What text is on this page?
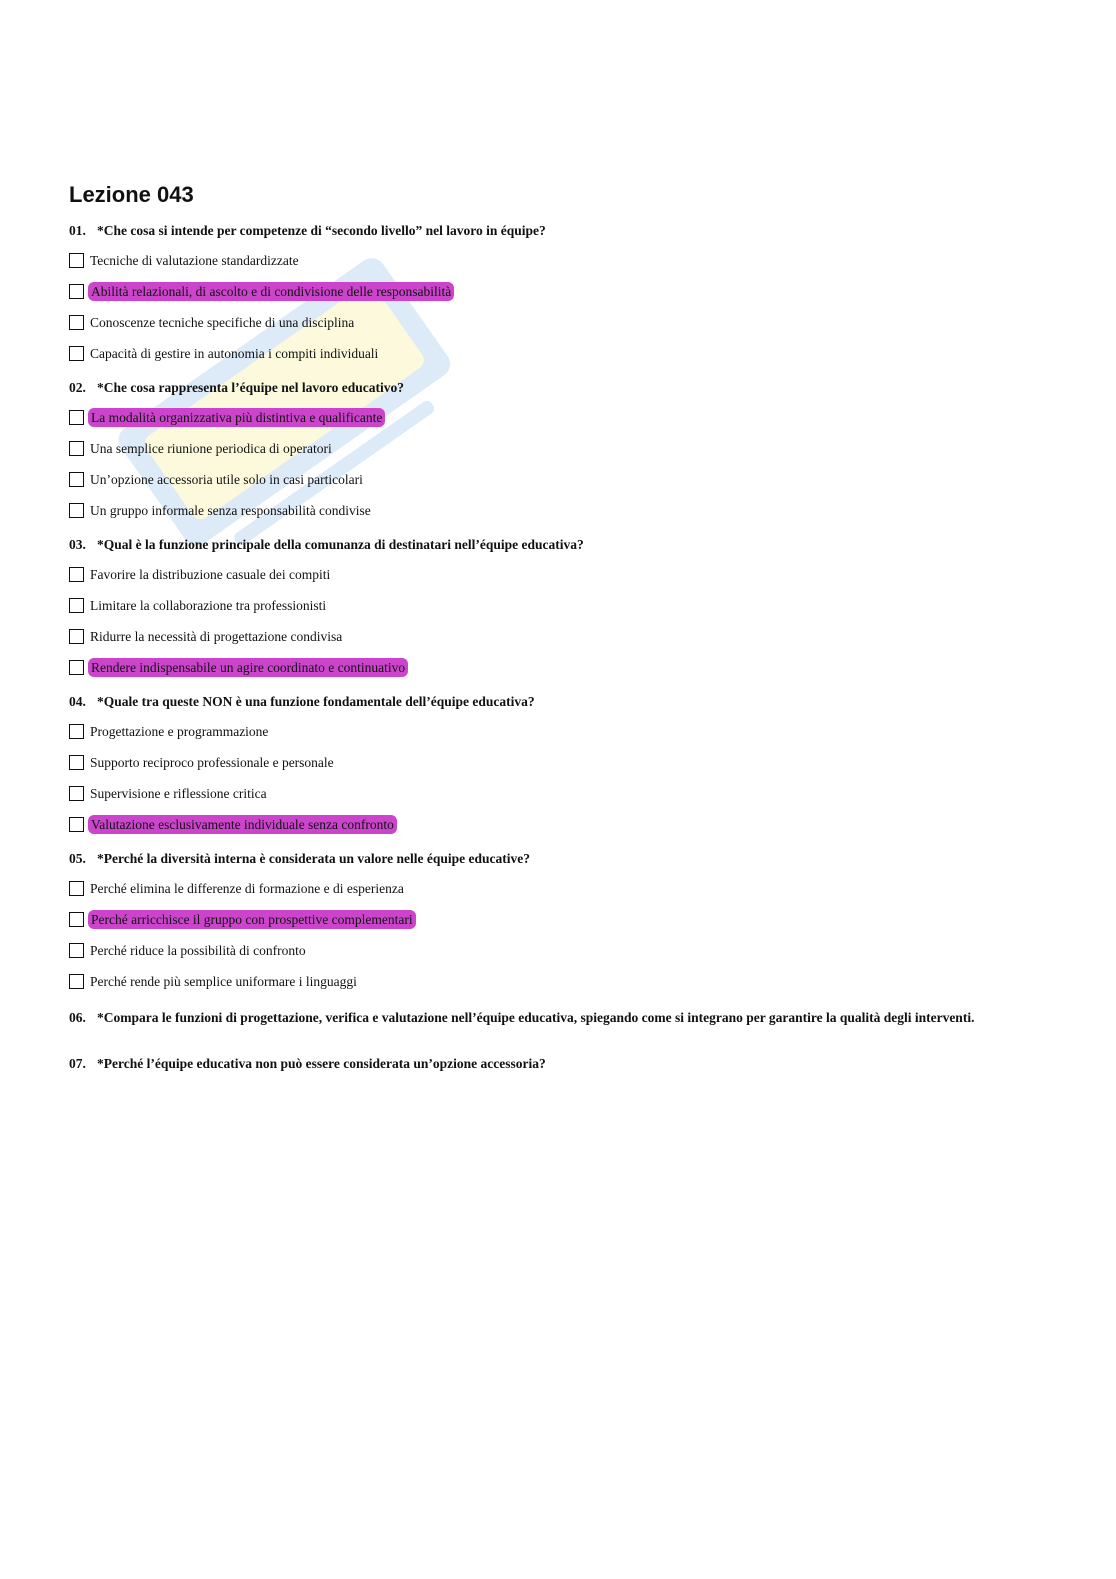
Lezione 043
01. *Che cosa si intende per competenze di “secondo livello” nel lavoro in équipe?
Tecniche di valutazione standardizzate
Abilità relazionali, di ascolto e di condivisione delle responsabilità
Conoscenze tecniche specifiche di una disciplina
Capacità di gestire in autonomia i compiti individuali
02. *Che cosa rappresenta l’équipe nel lavoro educativo?
La modalità organizzativa più distintiva e qualificante
Una semplice riunione periodica di operatori
Un’opzione accessoria utile solo in casi particolari
Un gruppo informale senza responsabilità condivise
03. *Qual è la funzione principale della comunanza di destinatari nell’équipe educativa?
Favorire la distribuzione casuale dei compiti
Limitare la collaborazione tra professionisti
Ridurre la necessità di progettazione condivisa
Rendere indispensabile un agire coordinato e continuativo
04. *Quale tra queste NON è una funzione fondamentale dell’équipe educativa?
Progettazione e programmazione
Supporto reciproco professionale e personale
Supervisione e riflessione critica
Valutazione esclusivamente individuale senza confronto
05. *Perché la diversità interna è considerata un valore nelle équipe educative?
Perché elimina le differenze di formazione e di esperienza
Perché arricchisce il gruppo con prospettive complementari
Perché riduce la possibilità di confronto
Perché rende più semplice uniformare i linguaggi
06. *Compara le funzioni di progettazione, verifica e valutazione nell’équipe educativa, spiegando come si integrano per garantire la qualità degli interventi.
07. *Perché l’équipe educativa non può essere considerata un’opzione accessoria?
